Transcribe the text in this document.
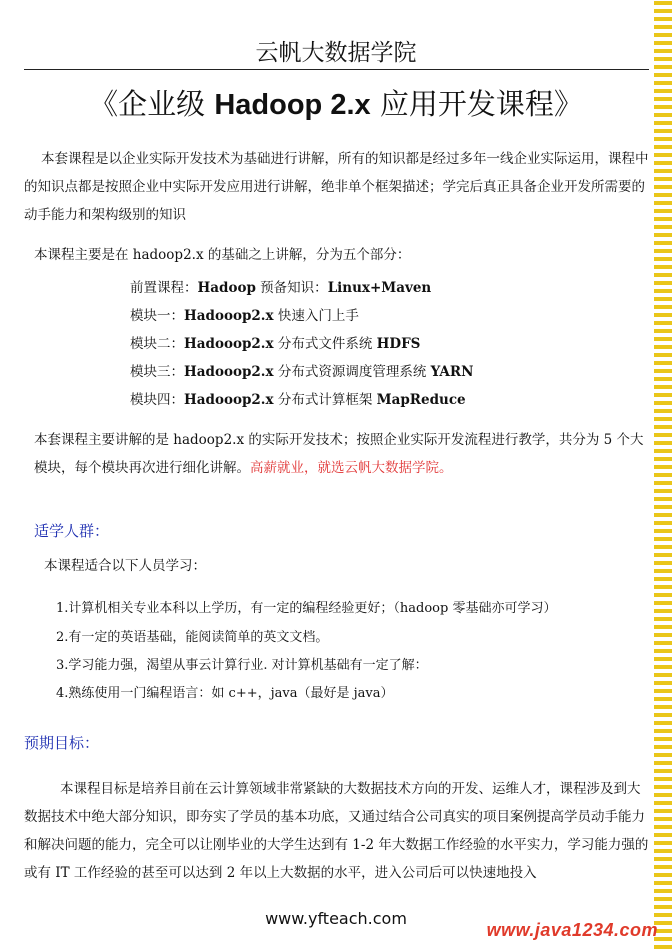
云帆大数据学院
《企业级 Hadoop 2.x 应用开发课程》
本套课程是以企业实际开发技术为基础进行讲解，所有的知识都是经过多年一线企业实际运用，课程中的知识点都是按照企业中实际开发应用进行讲解，绝非单个框架描述；学完后真正具备企业开发所需要的动手能力和架构级别的知识
本课程主要是在 hadoop2.x 的基础之上讲解，分为五个部分：
前置课程：Hadoop 预备知识：Linux+Maven
模块一：Hadooop2.x 快速入门上手
模块二：Hadooop2.x 分布式文件系统 HDFS
模块三：Hadooop2.x 分布式资源调度管理系统 YARN
模块四：Hadooop2.x 分布式计算框架 MapReduce
本套课程主要讲解的是 hadoop2.x 的实际开发技术；按照企业实际开发流程进行教学，共分为 5 个大模块，每个模块再次进行细化讲解。高薪就业，就选云帆大数据学院。
适学人群：
本课程适合以下人员学习：
1.计算机相关专业本科以上学历，有一定的编程经验更好；（hadoop 零基础亦可学习）
2.有一定的英语基础，能阅读简单的英文文档。
3.学习能力强，渴望从事云计算行业. 对计算机基础有一定了解：
4.熟练使用一门编程语言：如 c++，java（最好是 java）
预期目标：
本课程目标是培养目前在云计算领域非常紧缺的大数据技术方向的开发、运维人才，课程涉及到大数据技术中绝大部分知识，即夯实了学员的基本功底，又通过结合公司真实的项目案例提高学员动手能力和解决问题的能力，完全可以让刚毕业的大学生达到有 1-2 年大数据工作经验的水平实力，学习能力强的或有 IT 工作经验的甚至可以达到 2 年以上大数据的水平，进入公司后可以快速地投入
www.yfteach.com
www.java1234.com
